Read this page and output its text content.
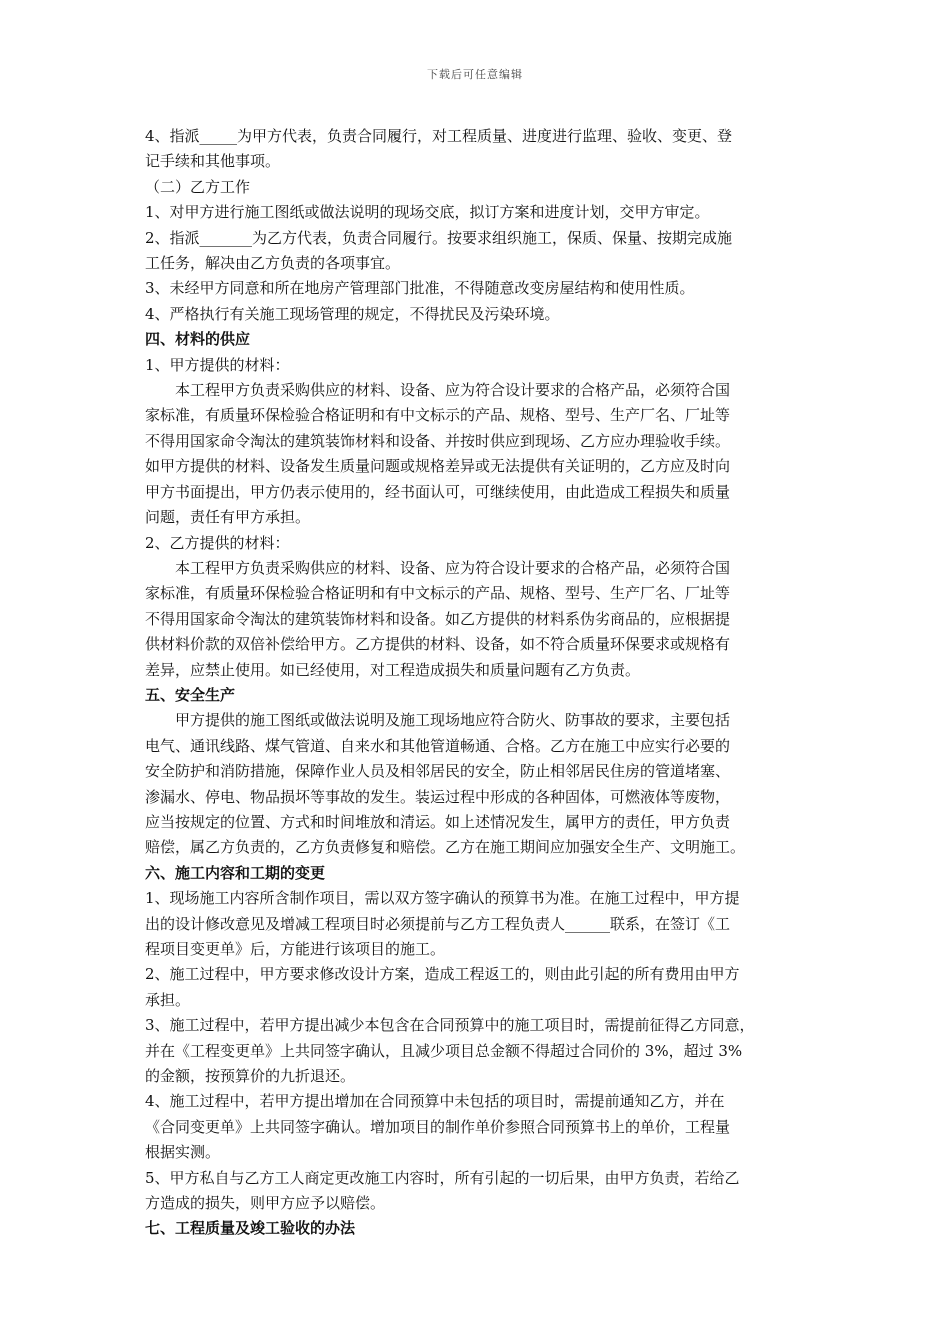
下载后可任意编辑
4、指派_____为甲方代表，负责合同履行，对工程质量、进度进行监理、验收、变更、登
记手续和其他事项。
（二）乙方工作
1、对甲方进行施工图纸或做法说明的现场交底，拟订方案和进度计划，交甲方审定。
2、指派_______为乙方代表，负责合同履行。按要求组织施工，保质、保量、按期完成施
工任务，解决由乙方负责的各项事宜。
3、未经甲方同意和所在地房产管理部门批准，不得随意改变房屋结构和使用性质。
4、严格执行有关施工现场管理的规定，不得扰民及污染环境。
四、材料的供应
1、甲方提供的材料：
本工程甲方负责采购供应的材料、设备、应为符合设计要求的合格产品，必须符合国
家标准，有质量环保检验合格证明和有中文标示的产品、规格、型号、生产厂名、厂址等
不得用国家命令淘汰的建筑装饰材料和设备、并按时供应到现场、乙方应办理验收手续。
如甲方提供的材料、设备发生质量问题或规格差异或无法提供有关证明的，乙方应及时向
甲方书面提出，甲方仍表示使用的，经书面认可，可继续使用，由此造成工程损失和质量
问题，责任有甲方承担。
2、乙方提供的材料：
本工程甲方负责采购供应的材料、设备、应为符合设计要求的合格产品，必须符合国
家标准，有质量环保检验合格证明和有中文标示的产品、规格、型号、生产厂名、厂址等
不得用国家命令淘汰的建筑装饰材料和设备。如乙方提供的材料系伪劣商品的，应根据提
供材料价款的双倍补偿给甲方。乙方提供的材料、设备，如不符合质量环保要求或规格有
差异，应禁止使用。如已经使用，对工程造成损失和质量问题有乙方负责。
五、安全生产
甲方提供的施工图纸或做法说明及施工现场地应符合防火、防事故的要求，主要包括
电气、通讯线路、煤气管道、自来水和其他管道畅通、合格。乙方在施工中应实行必要的
安全防护和消防措施，保障作业人员及相邻居民的安全，防止相邻居民住房的管道堵塞、
渗漏水、停电、物品损坏等事故的发生。装运过程中形成的各种固体，可燃液体等废物，
应当按规定的位置、方式和时间堆放和清运。如上述情况发生，属甲方的责任，甲方负责
赔偿，属乙方负责的，乙方负责修复和赔偿。乙方在施工期间应加强安全生产、文明施工。
六、施工内容和工期的变更
1、现场施工内容所含制作项目，需以双方签字确认的预算书为准。在施工过程中，甲方提
出的设计修改意见及增减工程项目时必须提前与乙方工程负责人______联系，在签订《工
程项目变更单》后，方能进行该项目的施工。
2、施工过程中，甲方要求修改设计方案，造成工程返工的，则由此引起的所有费用由甲方
承担。
3、施工过程中，若甲方提出减少本包含在合同预算中的施工项目时，需提前征得乙方同意，
并在《工程变更单》上共同签字确认，且减少项目总金额不得超过合同价的 3%，超过 3%
的金额，按预算价的九折退还。
4、施工过程中，若甲方提出增加在合同预算中未包括的项目时，需提前通知乙方，并在
《合同变更单》上共同签字确认。增加项目的制作单价参照合同预算书上的单价，工程量
根据实测。
5、甲方私自与乙方工人商定更改施工内容时，所有引起的一切后果，由甲方负责，若给乙
方造成的损失，则甲方应予以赔偿。
七、工程质量及竣工验收的办法
